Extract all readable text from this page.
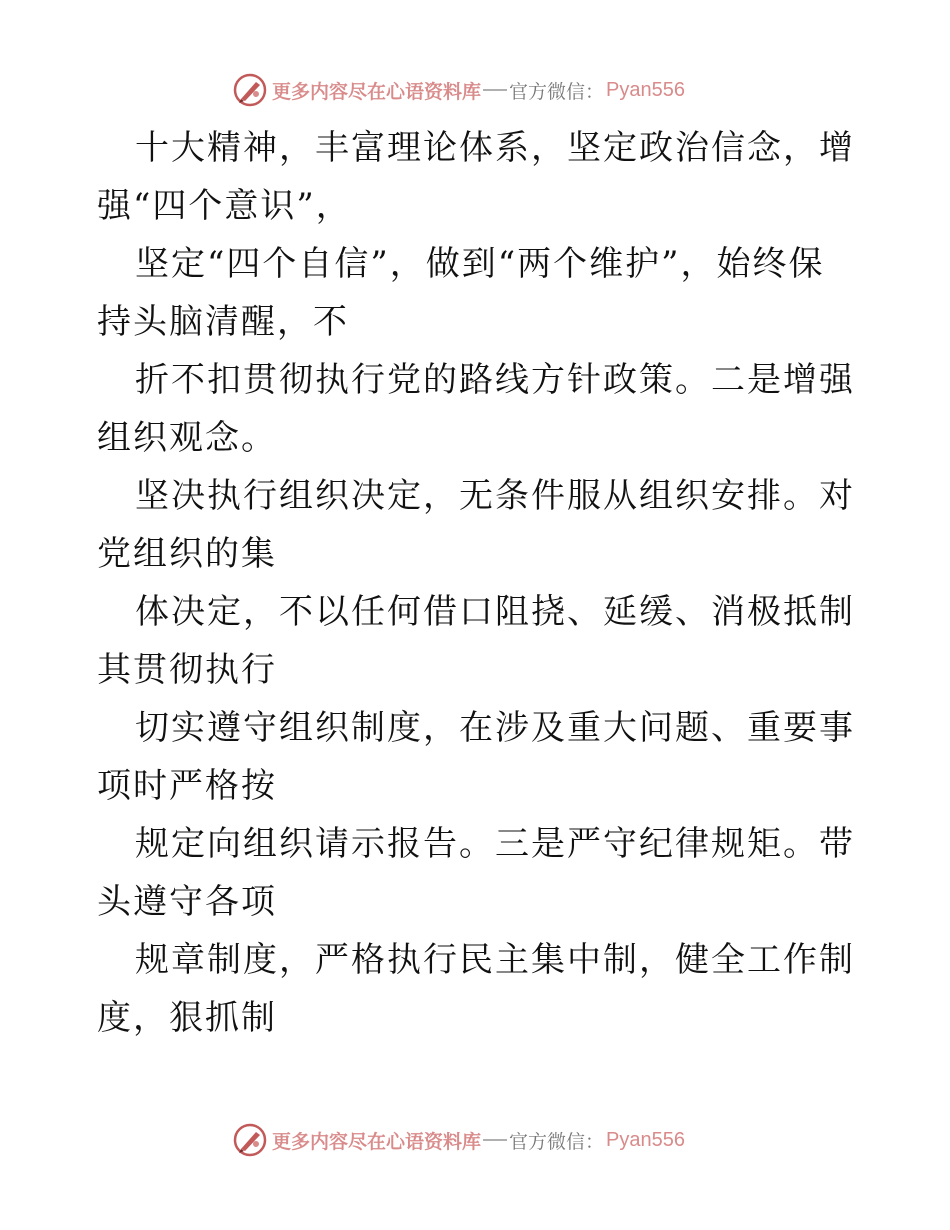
更多内容尽在心语资料库 官方微信： Pyan556

十大精神，丰富理论体系，坚定政治信念，增强“四个意识”，

坚定“四个自信”，做到“两个维护”，始终保持头脑清醒，不

折不扣贯彻执行党的路线方针政策。二是增强组织观念。

坚决执行组织决定，无条件服从组织安排。对党组织的集

体决定，不以任何借口阻挠、延缓、消极抵制其贯彻执行

切实遵守组织制度，在涉及重大问题、重要事项时严格按

规定向组织请示报告。三是严守纪律规矩。带头遵守各项

规章制度，严格执行民主集中制，健全工作制度，狠抓制

更多内容尽在心语资料库 官方微信： Pyan556
